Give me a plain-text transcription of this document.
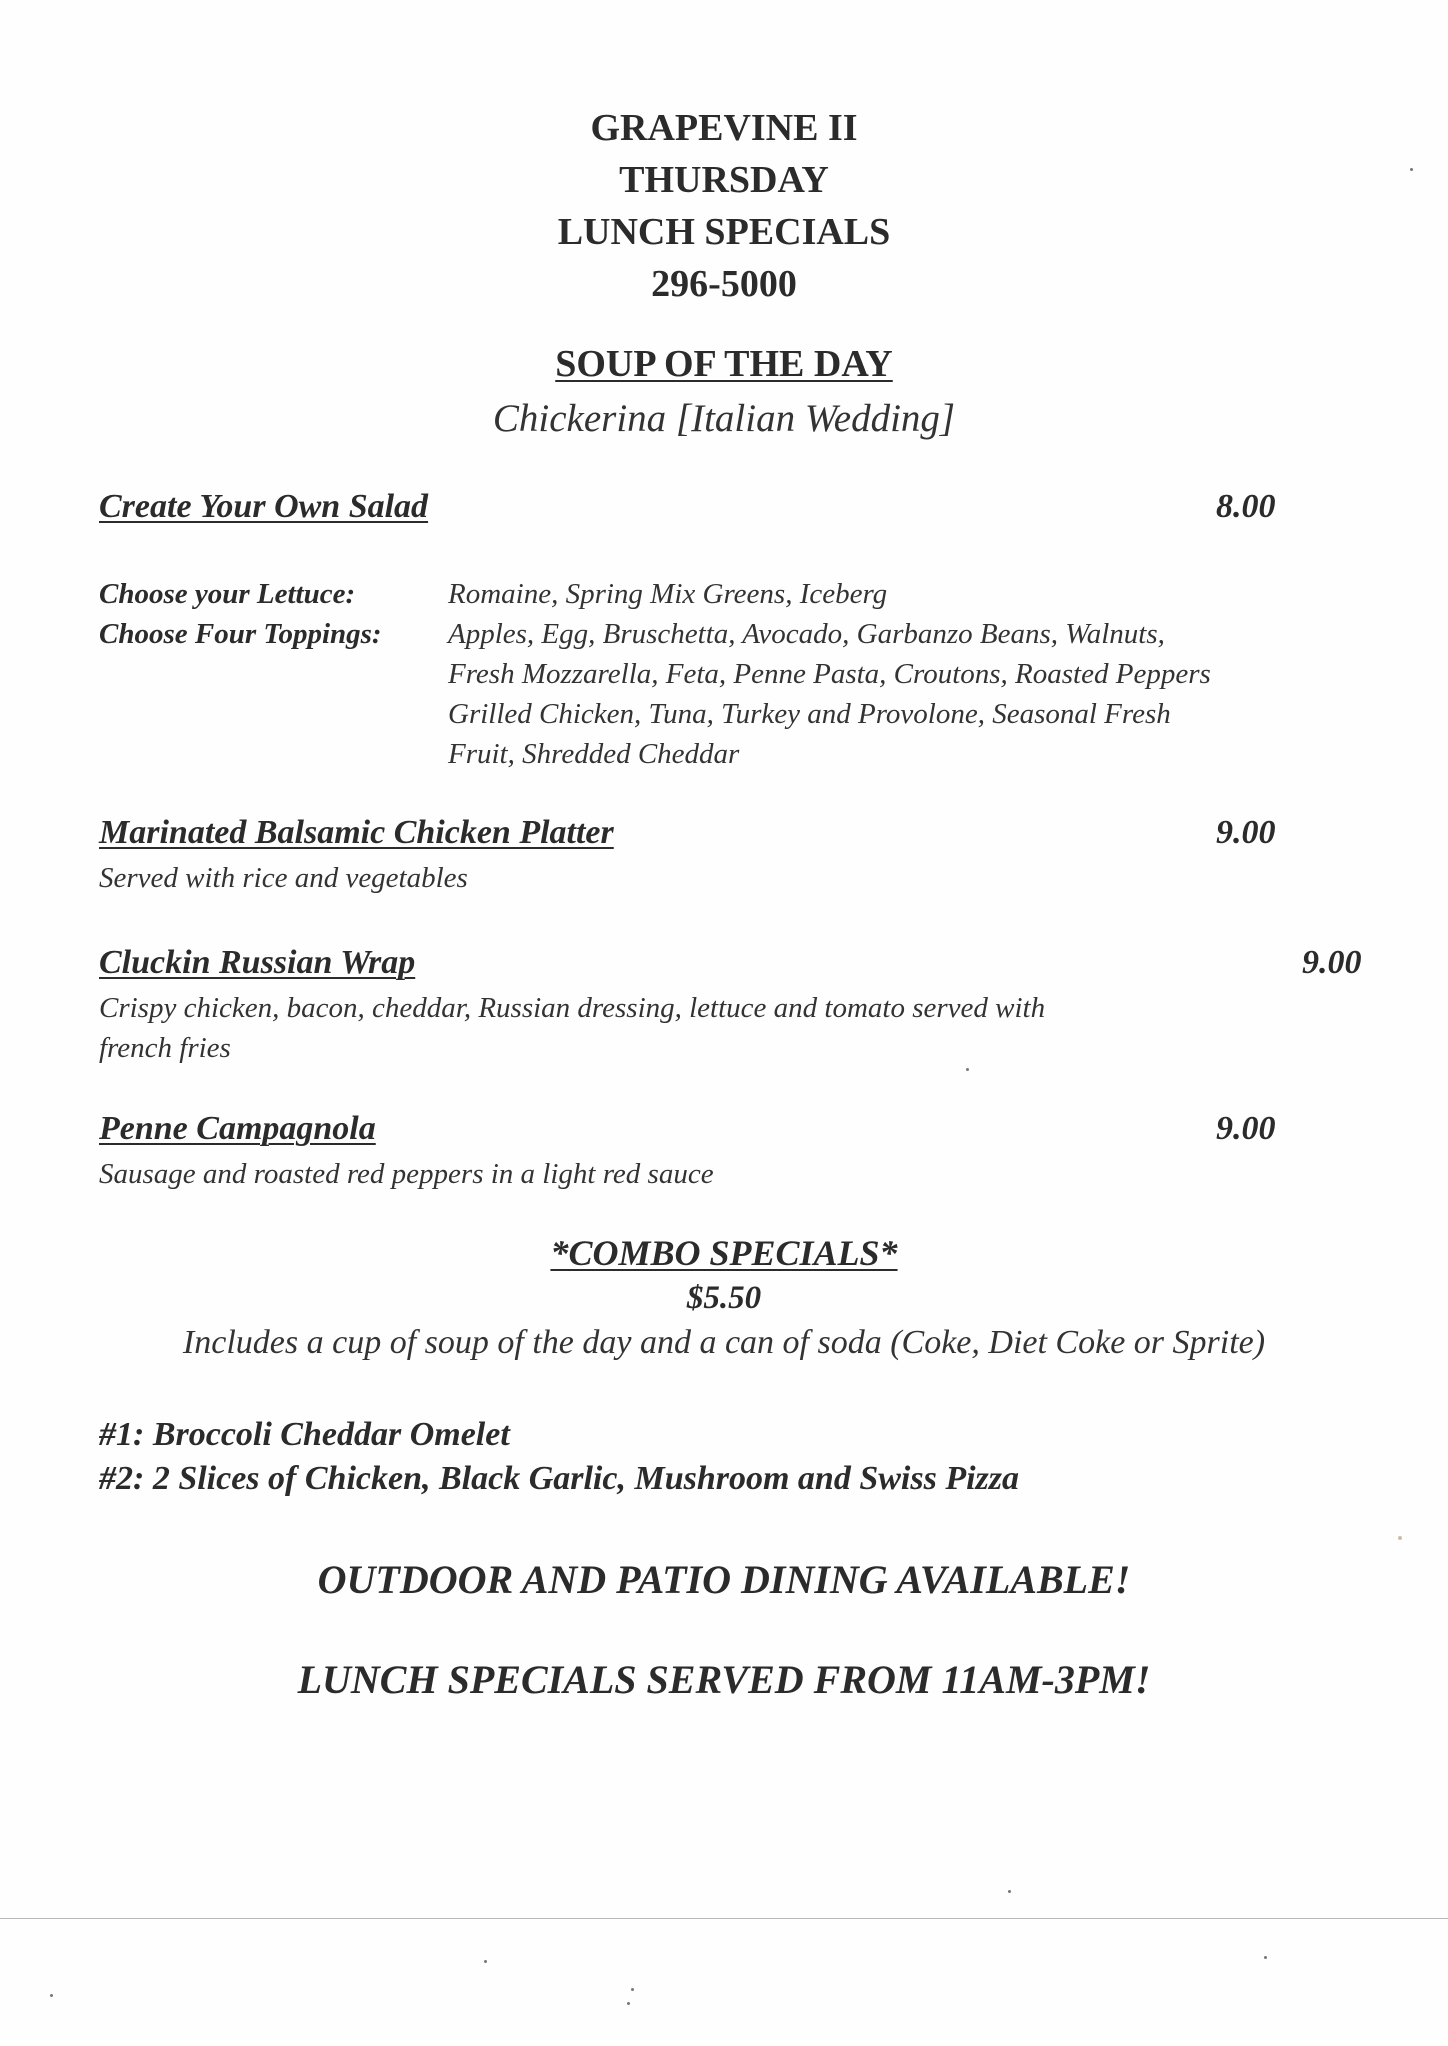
GRAPEVINE II
THURSDAY
LUNCH SPECIALS
296-5000
SOUP OF THE DAY
Chickerina [Italian Wedding]
Create Your Own Salad	8.00
Choose your Lettuce:	Romaine, Spring Mix Greens, Iceberg
Choose Four Toppings: Apples, Egg, Bruschetta, Avocado, Garbanzo Beans, Walnuts,
Fresh Mozzarella, Feta, Penne Pasta, Croutons, Roasted Peppers
Grilled Chicken, Tuna, Turkey and Provolone, Seasonal Fresh
Fruit, Shredded Cheddar
Marinated Balsamic Chicken Platter	9.00
Served with rice and vegetables
Cluckin Russian Wrap	9.00
Crispy chicken, bacon, cheddar, Russian dressing, lettuce and tomato served with
french fries
Penne Campagnola	9.00
Sausage and roasted red peppers in a light red sauce
*COMBO SPECIALS*
$5.50
Includes a cup of soup of the day and a can of soda (Coke, Diet Coke or Sprite)
#1: Broccoli Cheddar Omelet
#2: 2 Slices of Chicken, Black Garlic, Mushroom and Swiss Pizza
OUTDOOR AND PATIO DINING AVAILABLE!
LUNCH SPECIALS SERVED FROM 11AM-3PM!
